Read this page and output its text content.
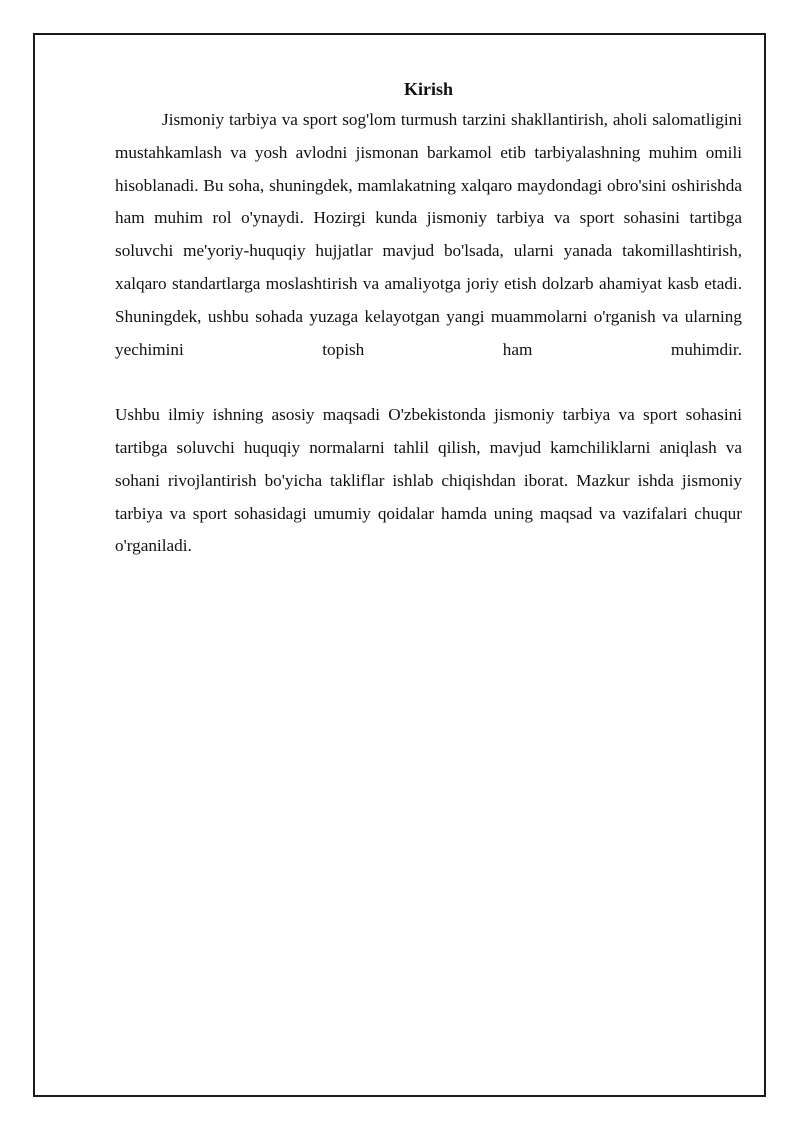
Kirish

Jismoniy tarbiya va sport sog'lom turmush tarzini shakllantirish, aholi salomatligini mustahkamlash va yosh avlodni jismonan barkamol etib tarbiyalashning muhim omili hisoblanadi. Bu soha, shuningdek, mamlakatning xalqaro maydondagi obro'sini oshirishda ham muhim rol o'ynaydi. Hozirgi kunda jismoniy tarbiya va sport sohasini tartibga soluvchi me'yoriy-huquqiy hujjatlar mavjud bo'lsada, ularni yanada takomillashtirish, xalqaro standartlarga moslashtirish va amaliyotga joriy etish dolzarb ahamiyat kasb etadi. Shuningdek, ushbu sohada yuzaga kelayotgan yangi muammolarni o'rganish va ularning yechimini topish ham muhimdir.

Ushbu ilmiy ishning asosiy maqsadi O'zbekistonda jismoniy tarbiya va sport sohasini tartibga soluvchi huquqiy normalarni tahlil qilish, mavjud kamchiliklarni aniqlash va sohani rivojlantirish bo'yicha takliflar ishlab chiqishdan iborat. Mazkur ishda jismoniy tarbiya va sport sohasidagi umumiy qoidalar hamda uning maqsad va vazifalari chuqur o'rganiladi.
